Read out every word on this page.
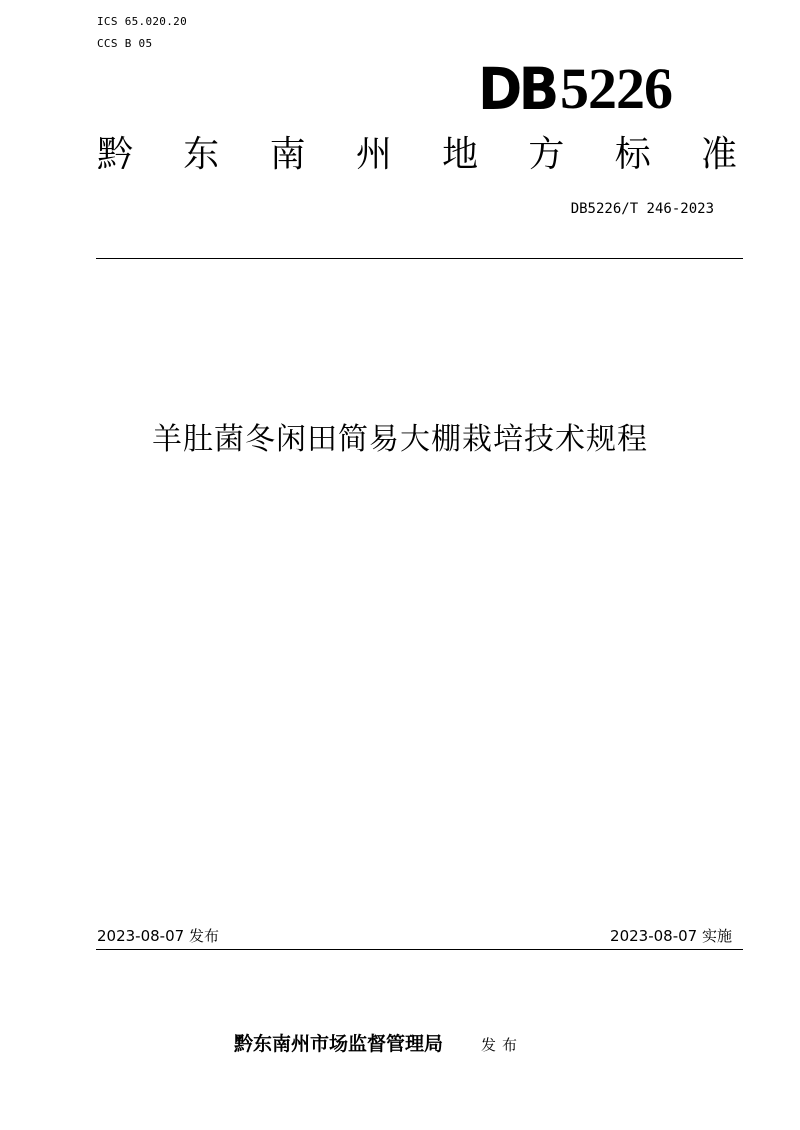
ICS 65.020.20
CCS B 05
DB 5226
黔 东 南 州 地 方 标 准
DB5226/T 246-2023
羊肚菌冬闲田简易大棚栽培技术规程
2023-08-07 发布	2023-08-07 实施
黔东南州市场监督管理局	发布
